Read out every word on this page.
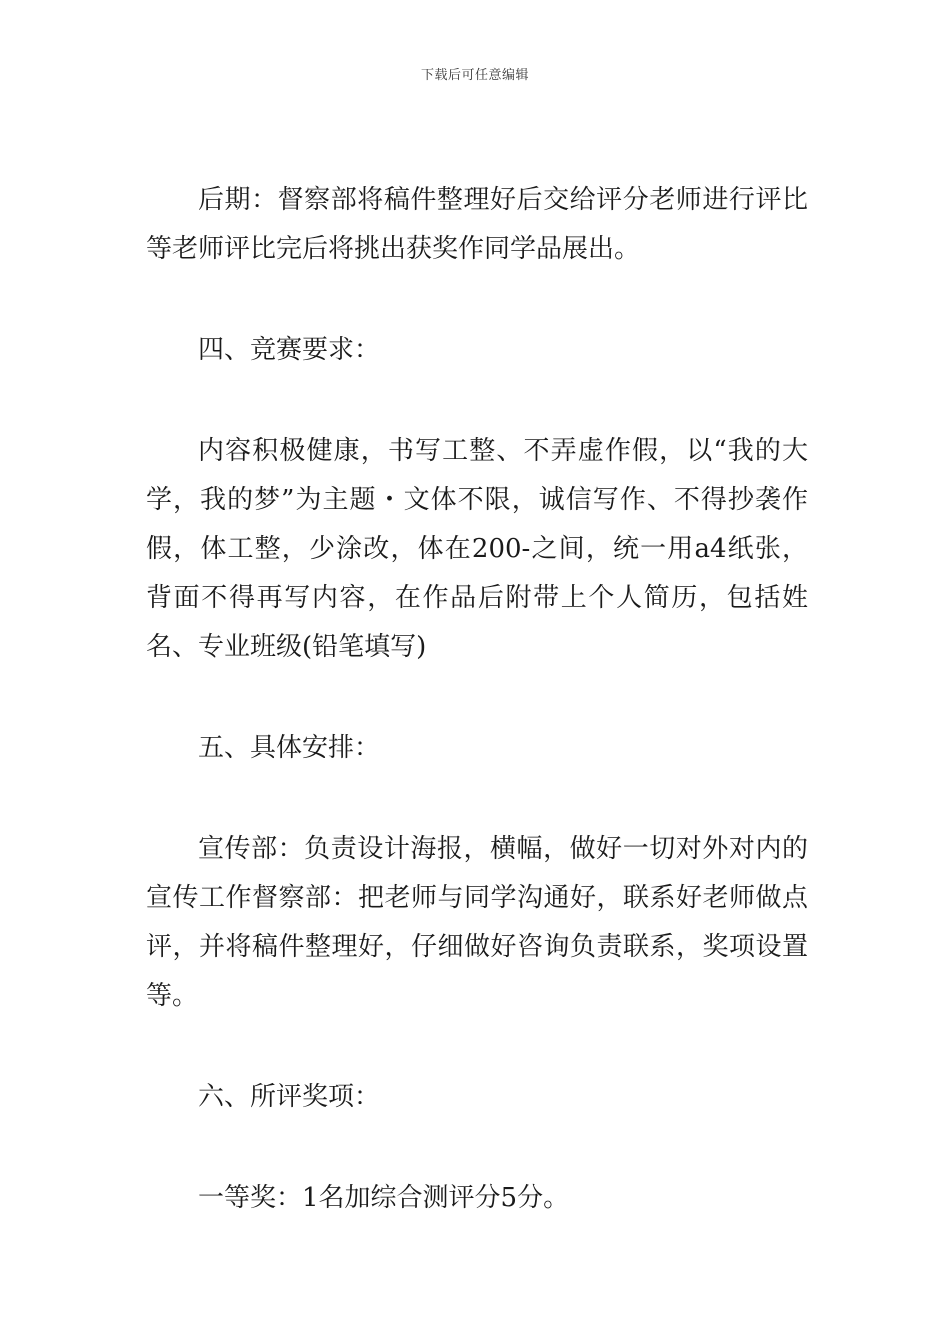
下载后可任意编辑

后期：督察部将稿件整理好后交给评分老师进行评比等老师评比完后将挑出获奖作同学品展出。

四、竞赛要求：

内容积极健康，书写工整、不弄虚作假，以“我的大学，我的梦”为主题・文体不限，诚信写作、不得抄袭作假，体工整，少涂改，体在200-之间，统一用a4纸张，背面不得再写内容，在作品后附带上个人简历，包括姓名、专业班级(铅笔填写)

五、具体安排：

宣传部：负责设计海报，横幅，做好一切对外对内的宣传工作督察部：把老师与同学沟通好，联系好老师做点评，并将稿件整理好，仔细做好咨询负责联系，奖项设置等。

六、所评奖项：

一等奖：1名加综合测评分5分。
